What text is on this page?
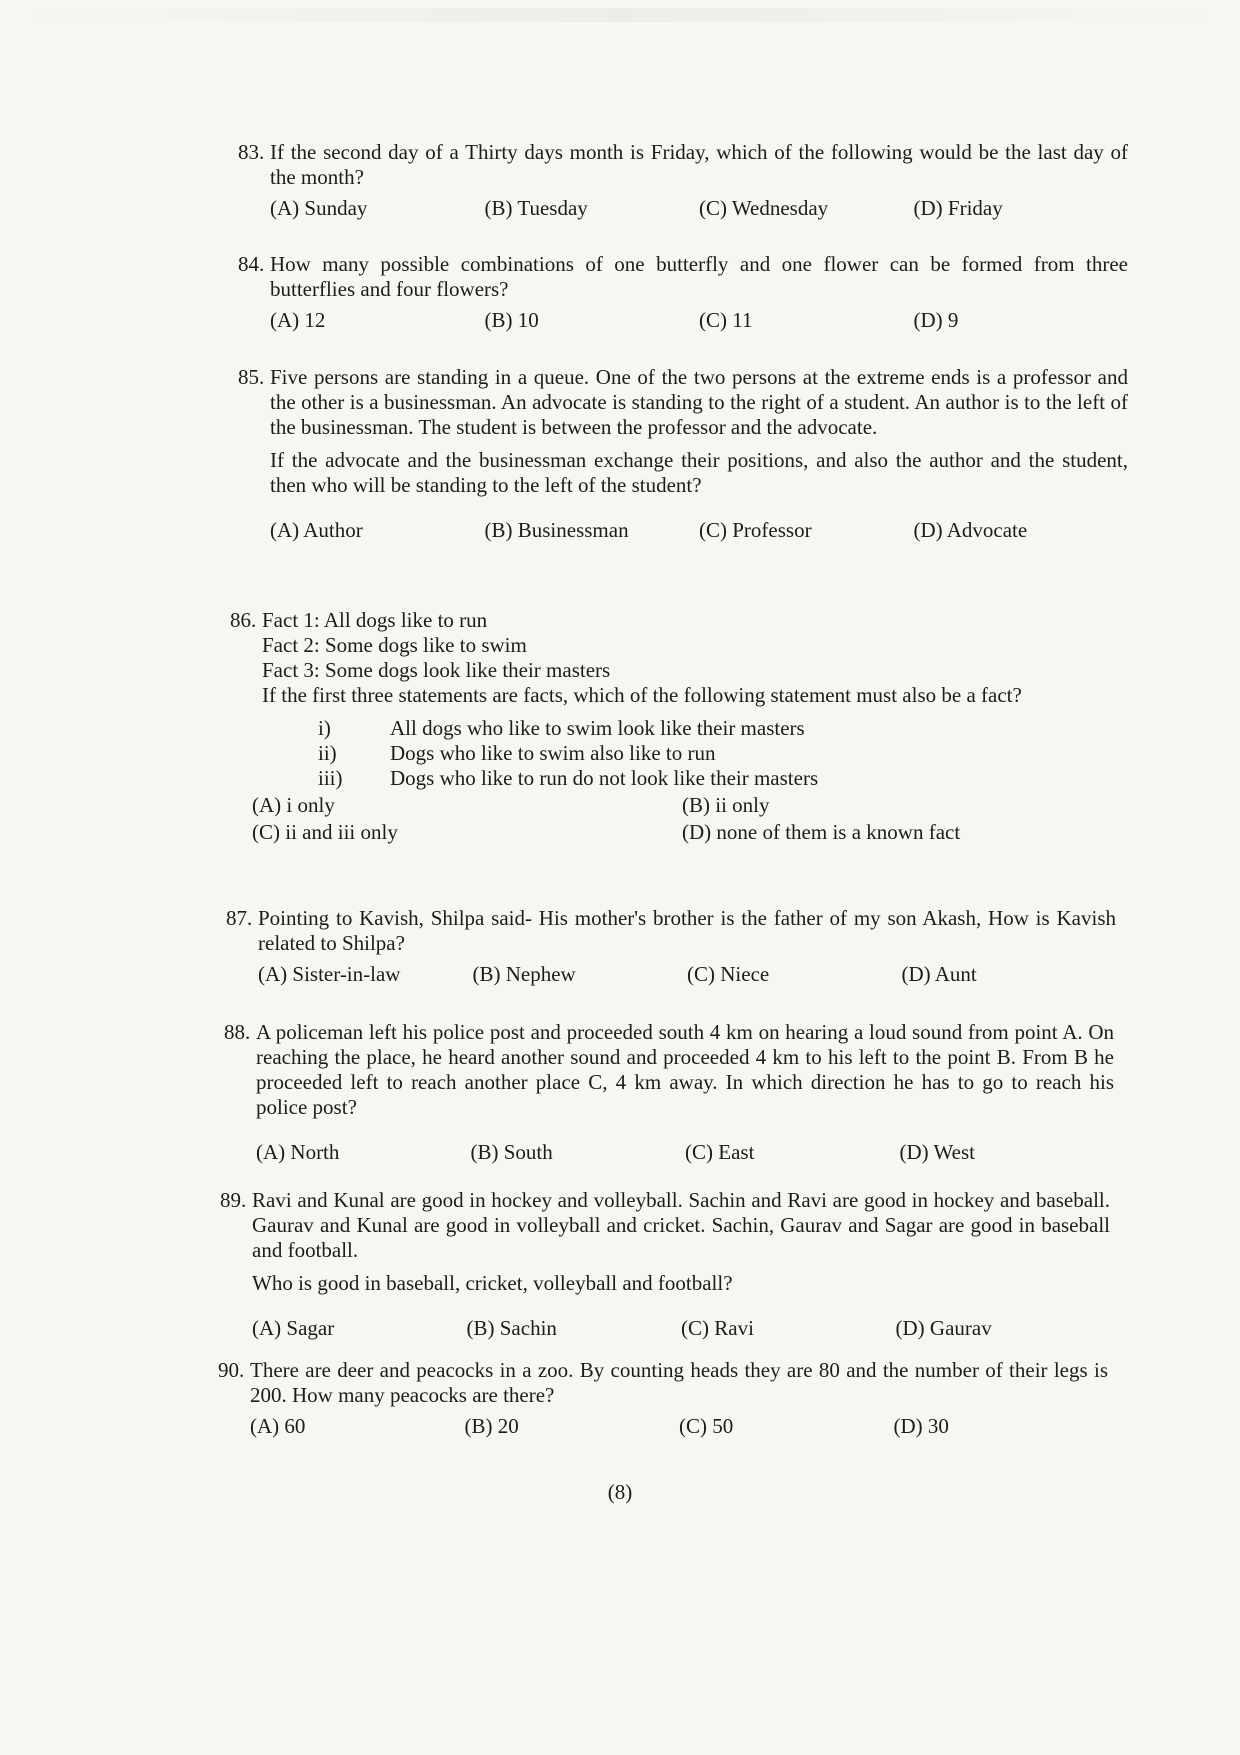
83. If the second day of a Thirty days month is Friday, which of the following would be the last day of the month?
(A) Sunday	(B) Tuesday	(C) Wednesday	(D) Friday
84. How many possible combinations of one butterfly and one flower can be formed from three butterflies and four flowers?
(A) 12	(B) 10	(C) 11	(D) 9
85. Five persons are standing in a queue. One of the two persons at the extreme ends is a professor and the other is a businessman. An advocate is standing to the right of a student. An author is to the left of the businessman. The student is between the professor and the advocate.
If the advocate and the businessman exchange their positions, and also the author and the student, then who will be standing to the left of the student?
(A) Author	(B) Businessman	(C) Professor	(D) Advocate
86. Fact 1: All dogs like to run
Fact 2: Some dogs like to swim
Fact 3: Some dogs look like their masters
If the first three statements are facts, which of the following statement must also be a fact?
i)	All dogs who like to swim look like their masters
ii)	Dogs who like to swim also like to run
iii)	Dogs who like to run do not look like their masters
(A) i only	(B) ii only
(C) ii and iii only	(D) none of them is a known fact
87. Pointing to Kavish, Shilpa said- His mother's brother is the father of my son Akash, How is Kavish related to Shilpa?
(A) Sister-in-law	(B) Nephew	(C) Niece	(D) Aunt
88. A policeman left his police post and proceeded south 4 km on hearing a loud sound from point A. On reaching the place, he heard another sound and proceeded 4 km to his left to the point B. From B he proceeded left to reach another place C, 4 km away. In which direction he has to go to reach his police post?
(A) North	(B) South	(C) East	(D) West
89. Ravi and Kunal are good in hockey and volleyball. Sachin and Ravi are good in hockey and baseball. Gaurav and Kunal are good in volleyball and cricket. Sachin, Gaurav and Sagar are good in baseball and football.
Who is good in baseball, cricket, volleyball and football?
(A) Sagar	(B) Sachin	(C) Ravi	(D) Gaurav
90. There are deer and peacocks in a zoo. By counting heads they are 80 and the number of their legs is 200. How many peacocks are there?
(A) 60	(B) 20	(C) 50	(D) 30
(8)
